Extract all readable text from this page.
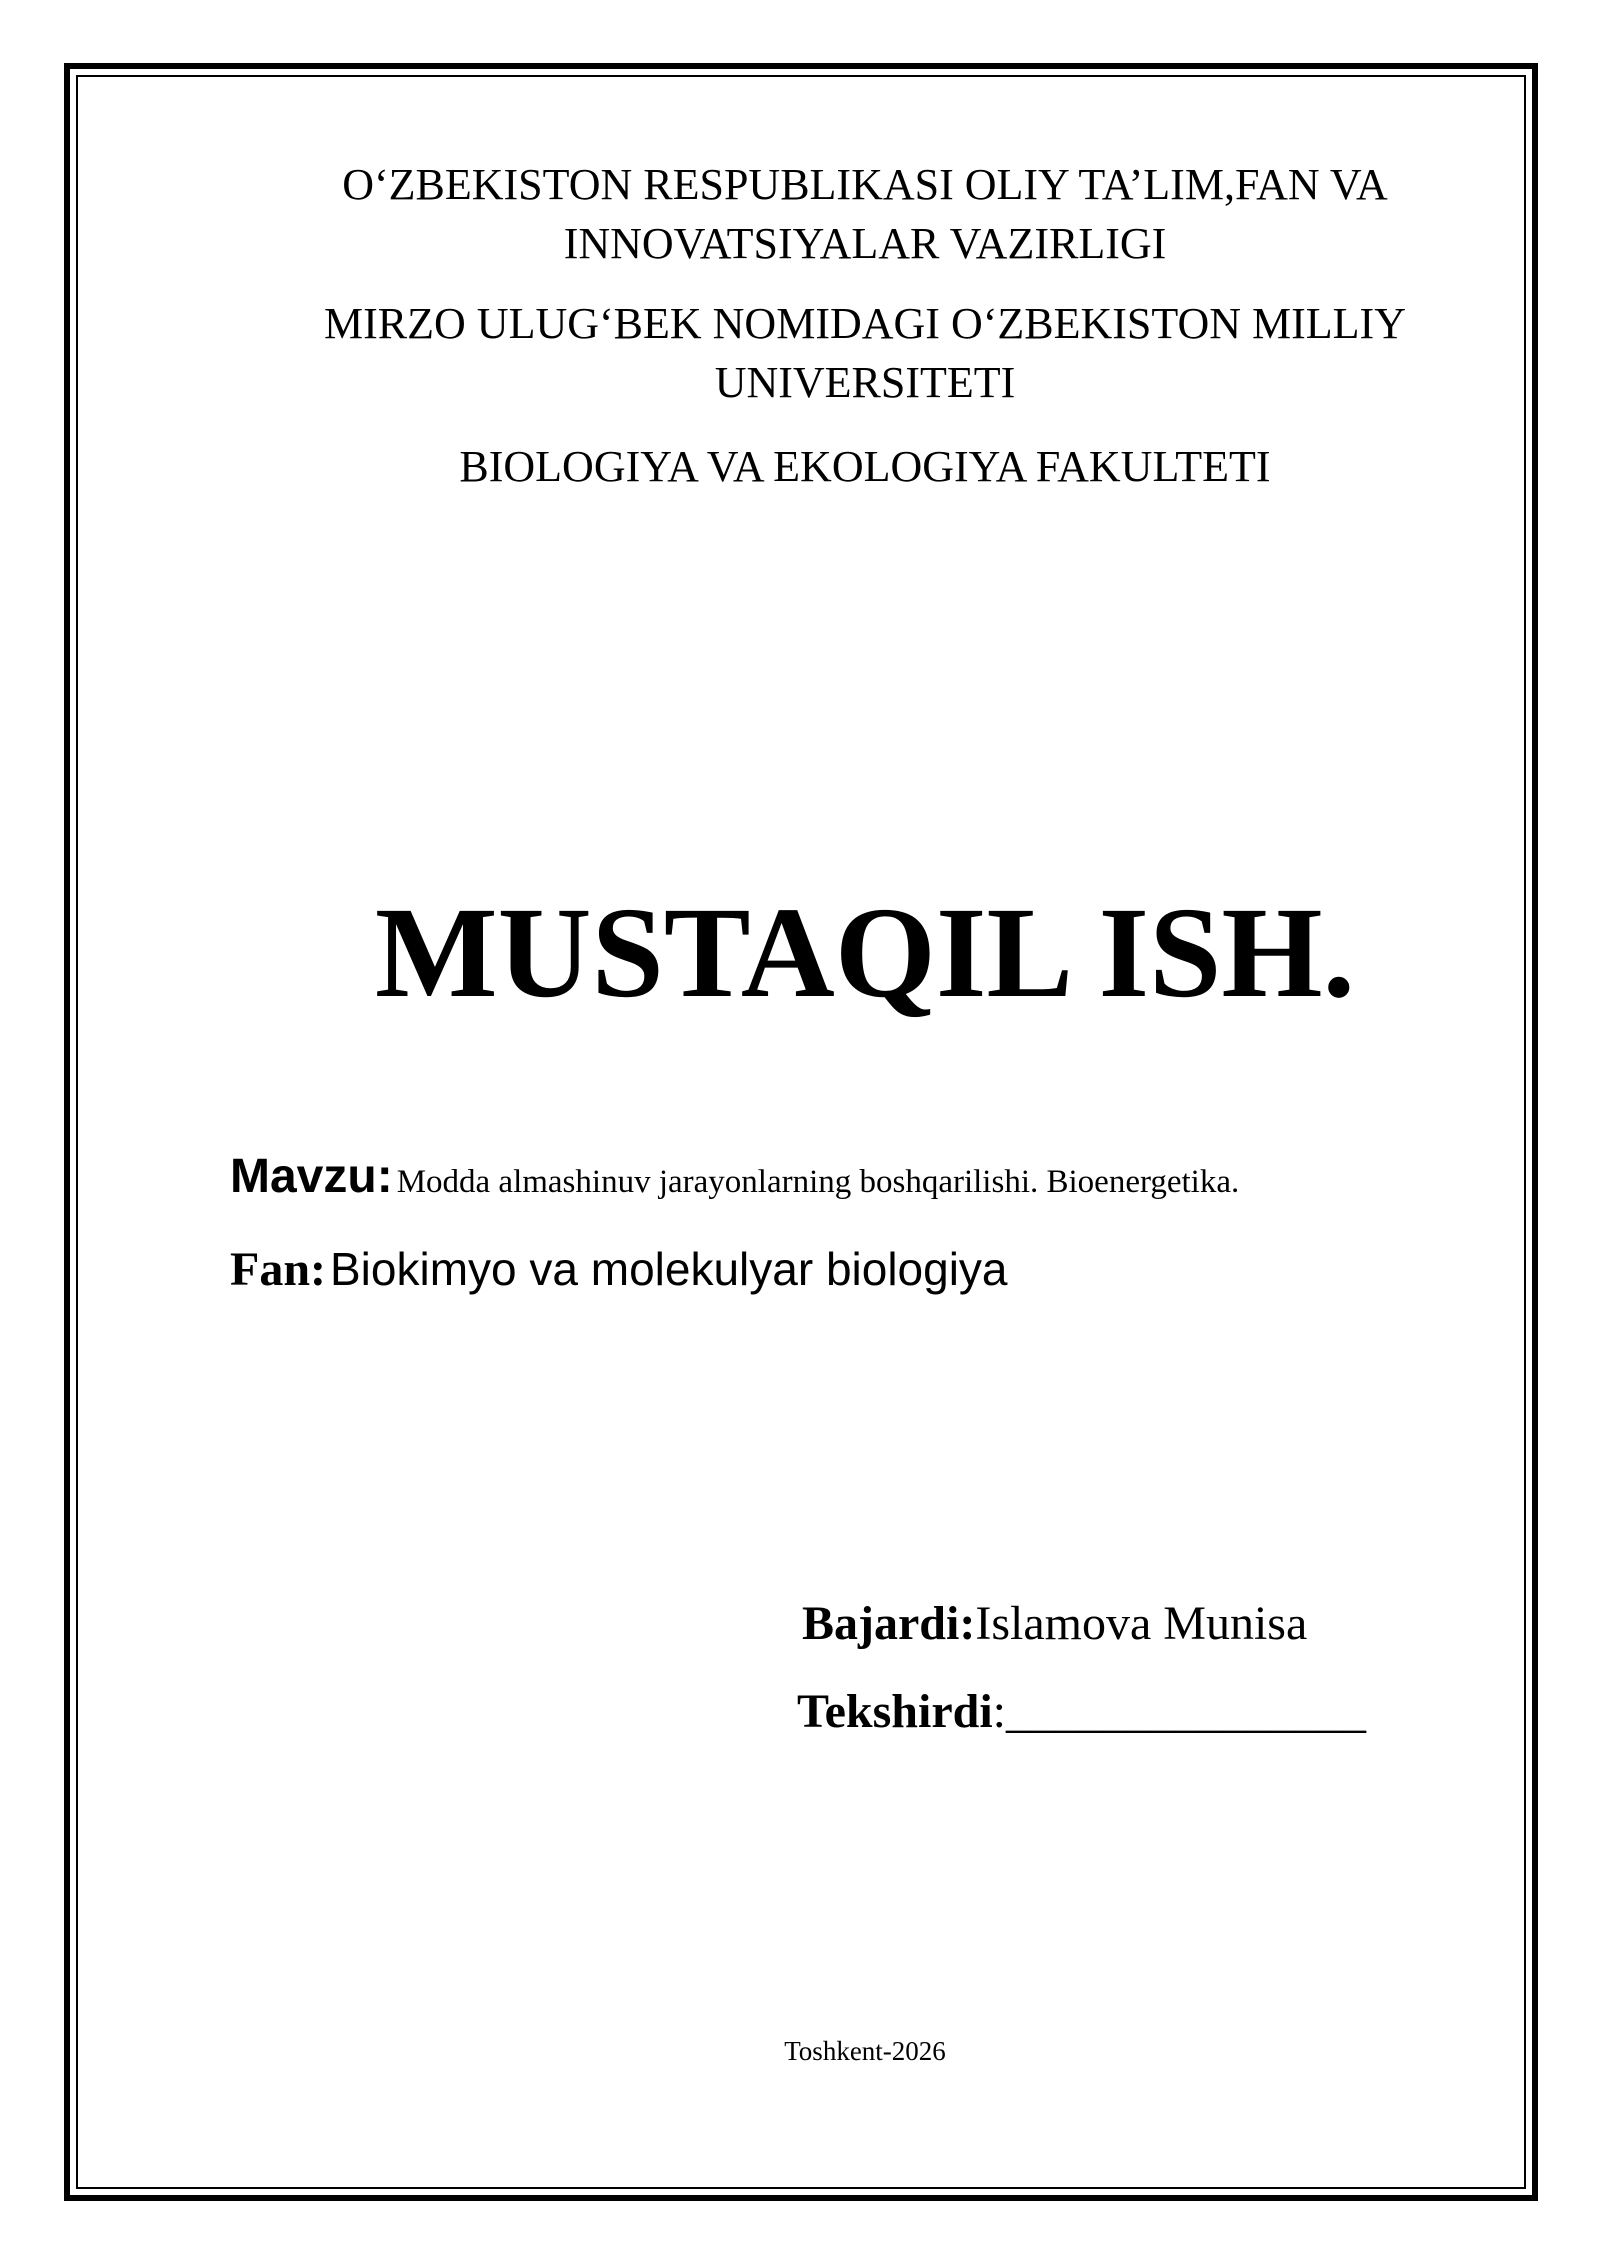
O‘ZBEKISTON RESPUBLIKASI OLIY TA’LIM,FAN VA
INNOVATSIYALAR VAZIRLIGI
MIRZO ULUG‘BEK NOMIDAGI O‘ZBEKISTON MILLIY
UNIVERSITETI
BIOLOGIYA VA EKOLOGIYA FAKULTETI
MUSTAQIL ISH.
Mavzu: Modda almashinuv jarayonlarning boshqarilishi. Bioenergetika.
Fan: Biokimyo va molekulyar biologiya
Bajardi:Islamova Munisa
Tekshirdi:_______________
Toshkent-2026
